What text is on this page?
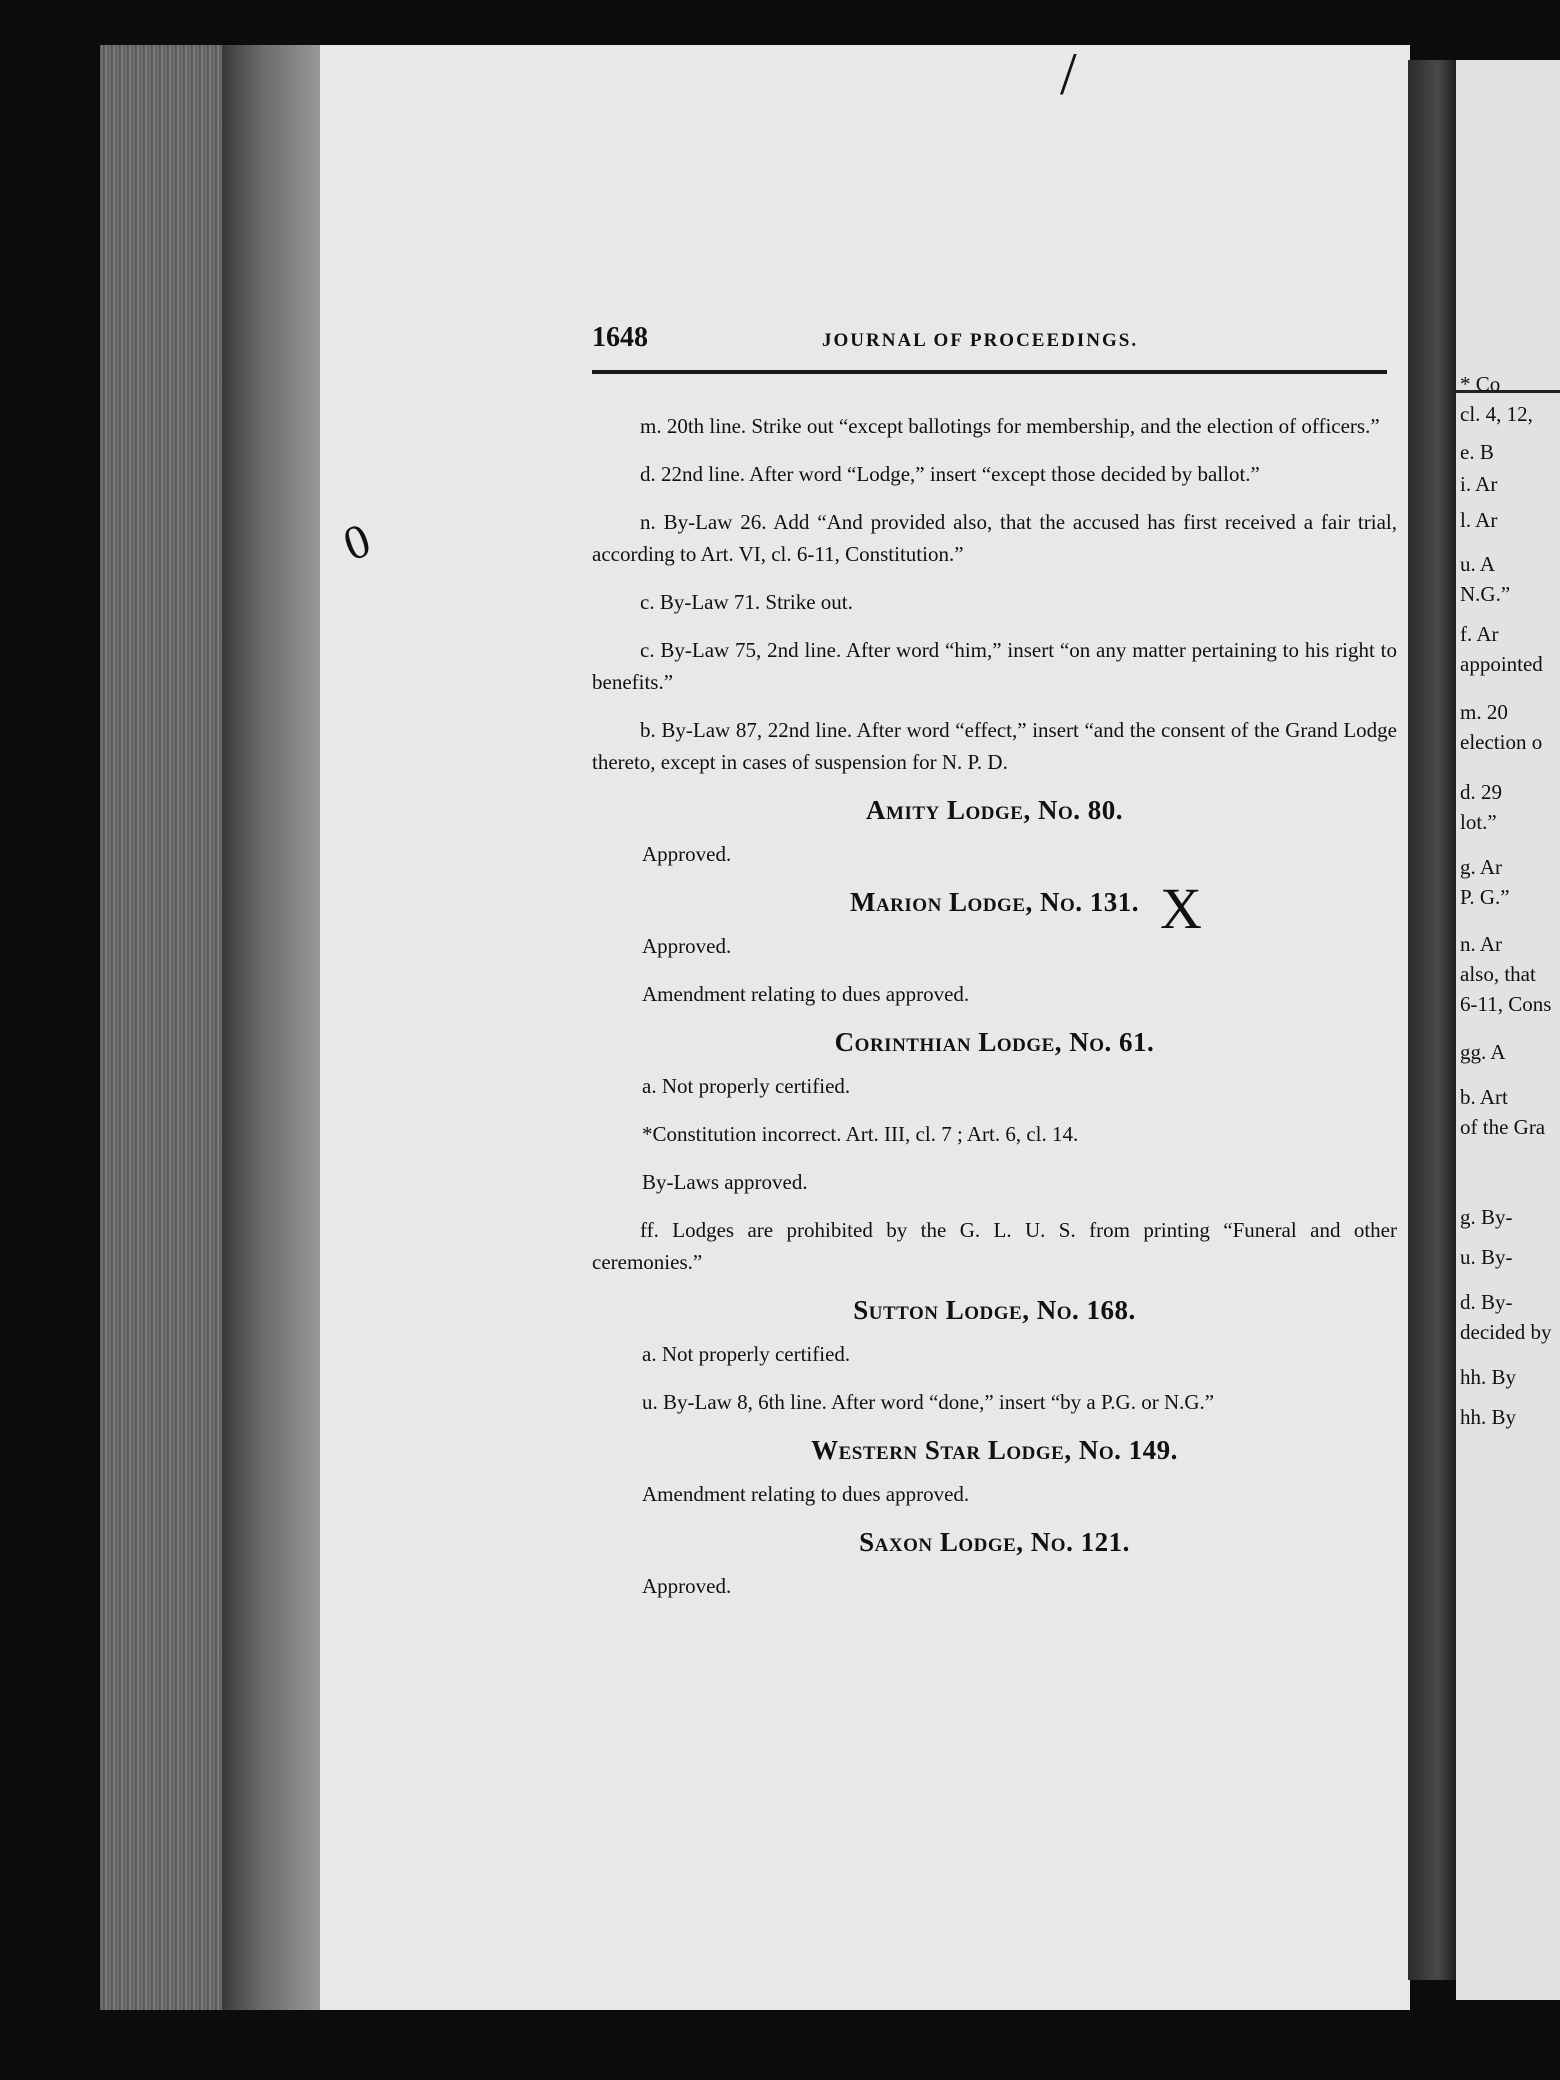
* Co
cl. 4, 12,
e. B
i. Ar
l. Ar
u. A
N.G.”
f. Ar
appointed
m. 20
election o
d. 29
lot.”
g. Ar
P. G.”
n. Ar
also, that
6-11, Cons
gg. A
b. Art
of the Gra
g. By-
u. By-
d. By-
decided by
hh. By
hh. By
1648	JOURNAL OF PROCEEDINGS.
m. 20th line. Strike out “except ballotings for membership, and the election of officers.”
d. 22nd line. After word “Lodge,” insert “except those decided by ballot.”
n. By-Law 26. Add “And provided also, that the accused has first received a fair trial, according to Art. VI, cl. 6-11, Constitution.”
c. By-Law 71. Strike out.
c. By-Law 75, 2nd line. After word “him,” insert “on any matter pertaining to his right to benefits.”
b. By-Law 87, 22nd line. After word “effect,” insert “and the consent of the Grand Lodge thereto, except in cases of suspension for N. P. D.
Amity Lodge, No. 80.
Approved.
Marion Lodge, No. 131.
Approved.
Amendment relating to dues approved.
Corinthian Lodge, No. 61.
a. Not properly certified.
*Constitution incorrect. Art. III, cl. 7 ; Art. 6, cl. 14.
By-Laws approved.
ff. Lodges are prohibited by the G. L. U. S. from printing “Funeral and other ceremonies.”
Sutton Lodge, No. 168.
a. Not properly certified.
u. By-Law 8, 6th line. After word “done,” insert “by a P.G. or N.G.”
Western Star Lodge, No. 149.
Amendment relating to dues approved.
Saxon Lodge, No. 121.
Approved.
0
/
X
